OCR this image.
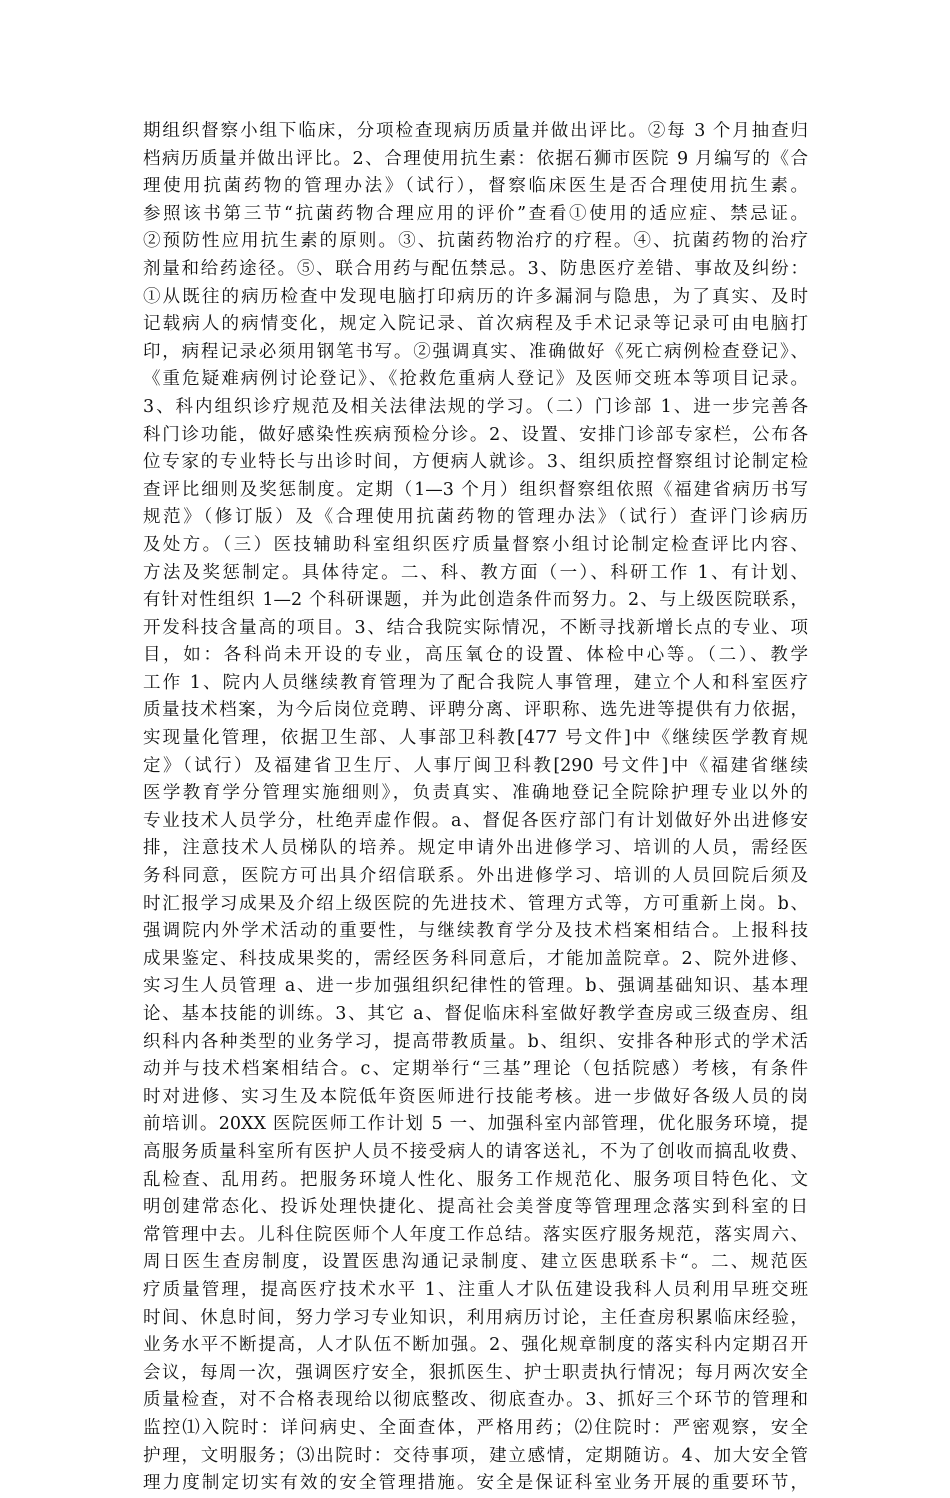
期组织督察小组下临床，分项检查现病历质量并做出评比。②每 3 个月抽查归
档病历质量并做出评比。2、合理使用抗生素：依据石狮市医院 9 月编写的《合
理使用抗菌药物的管理办法》（试行），督察临床医生是否合理使用抗生素。
参照该书第三节“抗菌药物合理应用的评价”查看①使用的适应症、禁忌证。
②预防性应用抗生素的原则。③、抗菌药物治疗的疗程。④、抗菌药物的治疗
剂量和给药途径。⑤、联合用药与配伍禁忌。3、防患医疗差错、事故及纠纷：
①从既往的病历检查中发现电脑打印病历的许多漏洞与隐患，为了真实、及时
记载病人的病情变化，规定入院记录、首次病程及手术记录等记录可由电脑打
印，病程记录必须用钢笔书写。②强调真实、准确做好《死亡病例检查登记》、
《重危疑难病例讨论登记》、《抢救危重病人登记》及医师交班本等项目记录。
3、科内组织诊疗规范及相关法律法规的学习。（二）门诊部 1、进一步完善各
科门诊功能，做好感染性疾病预检分诊。2、设置、安排门诊部专家栏，公布各
位专家的专业特长与出诊时间，方便病人就诊。3、组织质控督察组讨论制定检
查评比细则及奖惩制度。定期（1—3 个月）组织督察组依照《福建省病历书写
规范》（修订版）及《合理使用抗菌药物的管理办法》（试行）查评门诊病历
及处方。（三）医技辅助科室组织医疗质量督察小组讨论制定检查评比内容、
方法及奖惩制定。具体待定。二、科、教方面（一）、科研工作 1、有计划、
有针对性组织 1—2 个科研课题，并为此创造条件而努力。2、与上级医院联系，
开发科技含量高的项目。3、结合我院实际情况，不断寻找新增长点的专业、项
目，如：各科尚未开设的专业，高压氧仓的设置、体检中心等。（二）、教学
工作 1、院内人员继续教育管理为了配合我院人事管理，建立个人和科室医疗
质量技术档案，为今后岗位竞聘、评聘分离、评职称、选先进等提供有力依据，
实现量化管理，依据卫生部、人事部卫科教[477 号文件]中《继续医学教育规
定》（试行）及福建省卫生厅、人事厅闽卫科教[290 号文件]中《福建省继续
医学教育学分管理实施细则》，负责真实、准确地登记全院除护理专业以外的
专业技术人员学分，杜绝弄虚作假。a、督促各医疗部门有计划做好外出进修安
排，注意技术人员梯队的培养。规定申请外出进修学习、培训的人员，需经医
务科同意，医院方可出具介绍信联系。外出进修学习、培训的人员回院后须及
时汇报学习成果及介绍上级医院的先进技术、管理方式等，方可重新上岗。b、
强调院内外学术活动的重要性，与继续教育学分及技术档案相结合。上报科技
成果鉴定、科技成果奖的，需经医务科同意后，才能加盖院章。2、院外进修、
实习生人员管理 a、进一步加强组织纪律性的管理。b、强调基础知识、基本理
论、基本技能的训练。3、其它 a、督促临床科室做好教学查房或三级查房、组
织科内各种类型的业务学习，提高带教质量。b、组织、安排各种形式的学术活
动并与技术档案相结合。c、定期举行“三基”理论（包括院感）考核，有条件
时对进修、实习生及本院低年资医师进行技能考核。进一步做好各级人员的岗
前培训。20XX 医院医师工作计划 5 一、加强科室内部管理，优化服务环境，提
高服务质量科室所有医护人员不接受病人的请客送礼，不为了创收而搞乱收费、
乱检查、乱用药。把服务环境人性化、服务工作规范化、服务项目特色化、文
明创建常态化、投诉处理快捷化、提高社会美誉度等管理理念落实到科室的日
常管理中去。儿科住院医师个人年度工作总结。落实医疗服务规范，落实周六、
周日医生查房制度，设置医患沟通记录制度、建立医患联系卡“。二、规范医
疗质量管理，提高医疗技术水平 1、注重人才队伍建设我科人员利用早班交班
时间、休息时间，努力学习专业知识，利用病历讨论，主任查房积累临床经验，
业务水平不断提高，人才队伍不断加强。2、强化规章制度的落实科内定期召开
会议，每周一次，强调医疗安全，狠抓医生、护士职责执行情况；每月两次安全
质量检查，对不合格表现给以彻底整改、彻底查办。3、抓好三个环节的管理和
监控⑴入院时：详问病史、全面查体，严格用药；⑵住院时：严密观察，安全
护理，文明服务；⑶出院时：交待事项，建立感情，定期随访。4、加大安全管
理力度制定切实有效的安全管理措施。安全是保证科室业务开展的重要环节，
